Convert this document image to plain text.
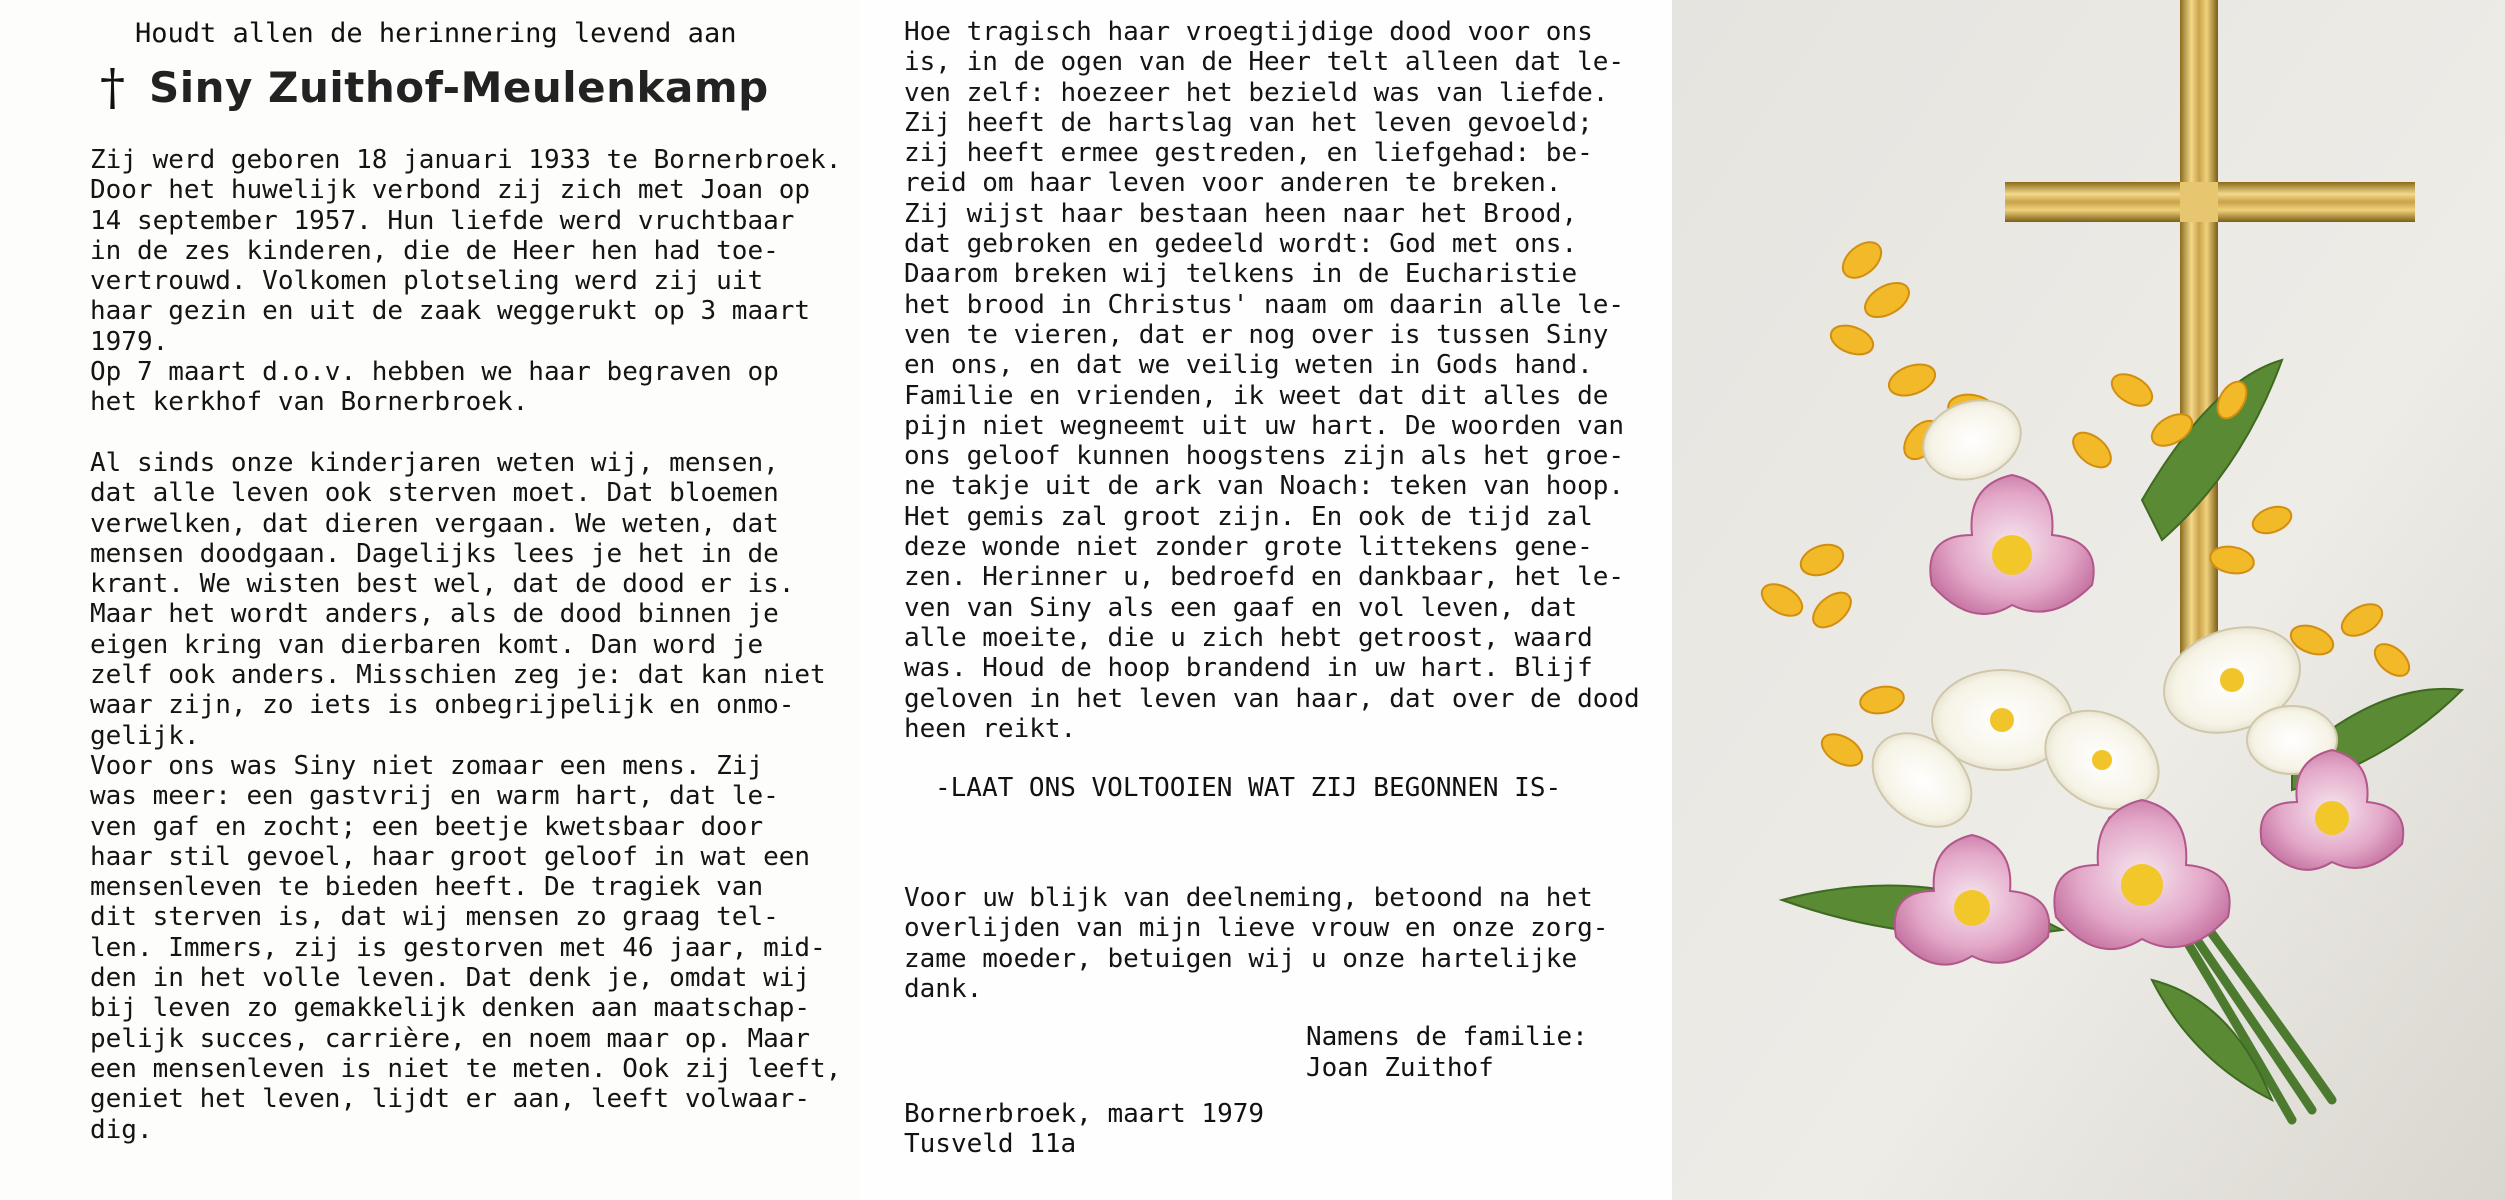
Houdt allen de herinnering levend aan
† Siny Zuithof-Meulenkamp
Zij werd geboren 18 januari 1933 te Bornerbroek.
Door het huwelijk verbond zij zich met Joan op
14 september 1957. Hun liefde werd vruchtbaar
in de zes kinderen, die de Heer hen had toe-
vertrouwd. Volkomen plotseling werd zij uit
haar gezin en uit de zaak weggerukt op 3 maart
1979.
Op 7 maart d.o.v. hebben we haar begraven op
het kerkhof van Bornerbroek.

Al sinds onze kinderjaren weten wij, mensen,
dat alle leven ook sterven moet. Dat bloemen
verwelken, dat dieren vergaan. We weten, dat
mensen doodgaan. Dagelijks lees je het in de
krant. We wisten best wel, dat de dood er is.
Maar het wordt anders, als de dood binnen je
eigen kring van dierbaren komt. Dan word je
zelf ook anders. Misschien zeg je: dat kan niet
waar zijn, zo iets is onbegrijpelijk en onmo-
gelijk.
Voor ons was Siny niet zomaar een mens. Zij
was meer: een gastvrij en warm hart, dat le-
ven gaf en zocht; een beetje kwetsbaar door
haar stil gevoel, haar groot geloof in wat een
mensenleven te bieden heeft. De tragiek van
dit sterven is, dat wij mensen zo graag tel-
len. Immers, zij is gestorven met 46 jaar, mid-
den in het volle leven. Dat denk je, omdat wij
bij leven zo gemakkelijk denken aan maatschap-
pelijk succes, carrière, en noem maar op. Maar
een mensenleven is niet te meten. Ook zij leeft,
geniet het leven, lijdt er aan, leeft volwaar-
dig.
Hoe tragisch haar vroegtijdige dood voor ons
is, in de ogen van de Heer telt alleen dat le-
ven zelf: hoezeer het bezield was van liefde.
Zij heeft de hartslag van het leven gevoeld;
zij heeft ermee gestreden, en liefgehad: be-
reid om haar leven voor anderen te breken.
Zij wijst haar bestaan heen naar het Brood,
dat gebroken en gedeeld wordt: God met ons.
Daarom breken wij telkens in de Eucharistie
het brood in Christus' naam om daarin alle le-
ven te vieren, dat er nog over is tussen Siny
en ons, en dat we veilig weten in Gods hand.
Familie en vrienden, ik weet dat dit alles de
pijn niet wegneemt uit uw hart. De woorden van
ons geloof kunnen hoogstens zijn als het groe-
ne takje uit de ark van Noach: teken van hoop.
Het gemis zal groot zijn. En ook de tijd zal
deze wonde niet zonder grote littekens gene-
zen. Herinner u, bedroefd en dankbaar, het le-
ven van Siny als een gaaf en vol leven, dat
alle moeite, die u zich hebt getroost, waard
was. Houd de hoop brandend in uw hart. Blijf
geloven in het leven van haar, dat over de dood
heen reikt.
-LAAT ONS VOLTOOIEN WAT ZIJ BEGONNEN IS-
Voor uw blijk van deelneming, betoond na het
overlijden van mijn lieve vrouw en onze zorg-
zame moeder, betuigen wij u onze hartelijke
dank.
Namens de familie:
Joan Zuithof
Bornerbroek, maart 1979
Tusveld 11a
